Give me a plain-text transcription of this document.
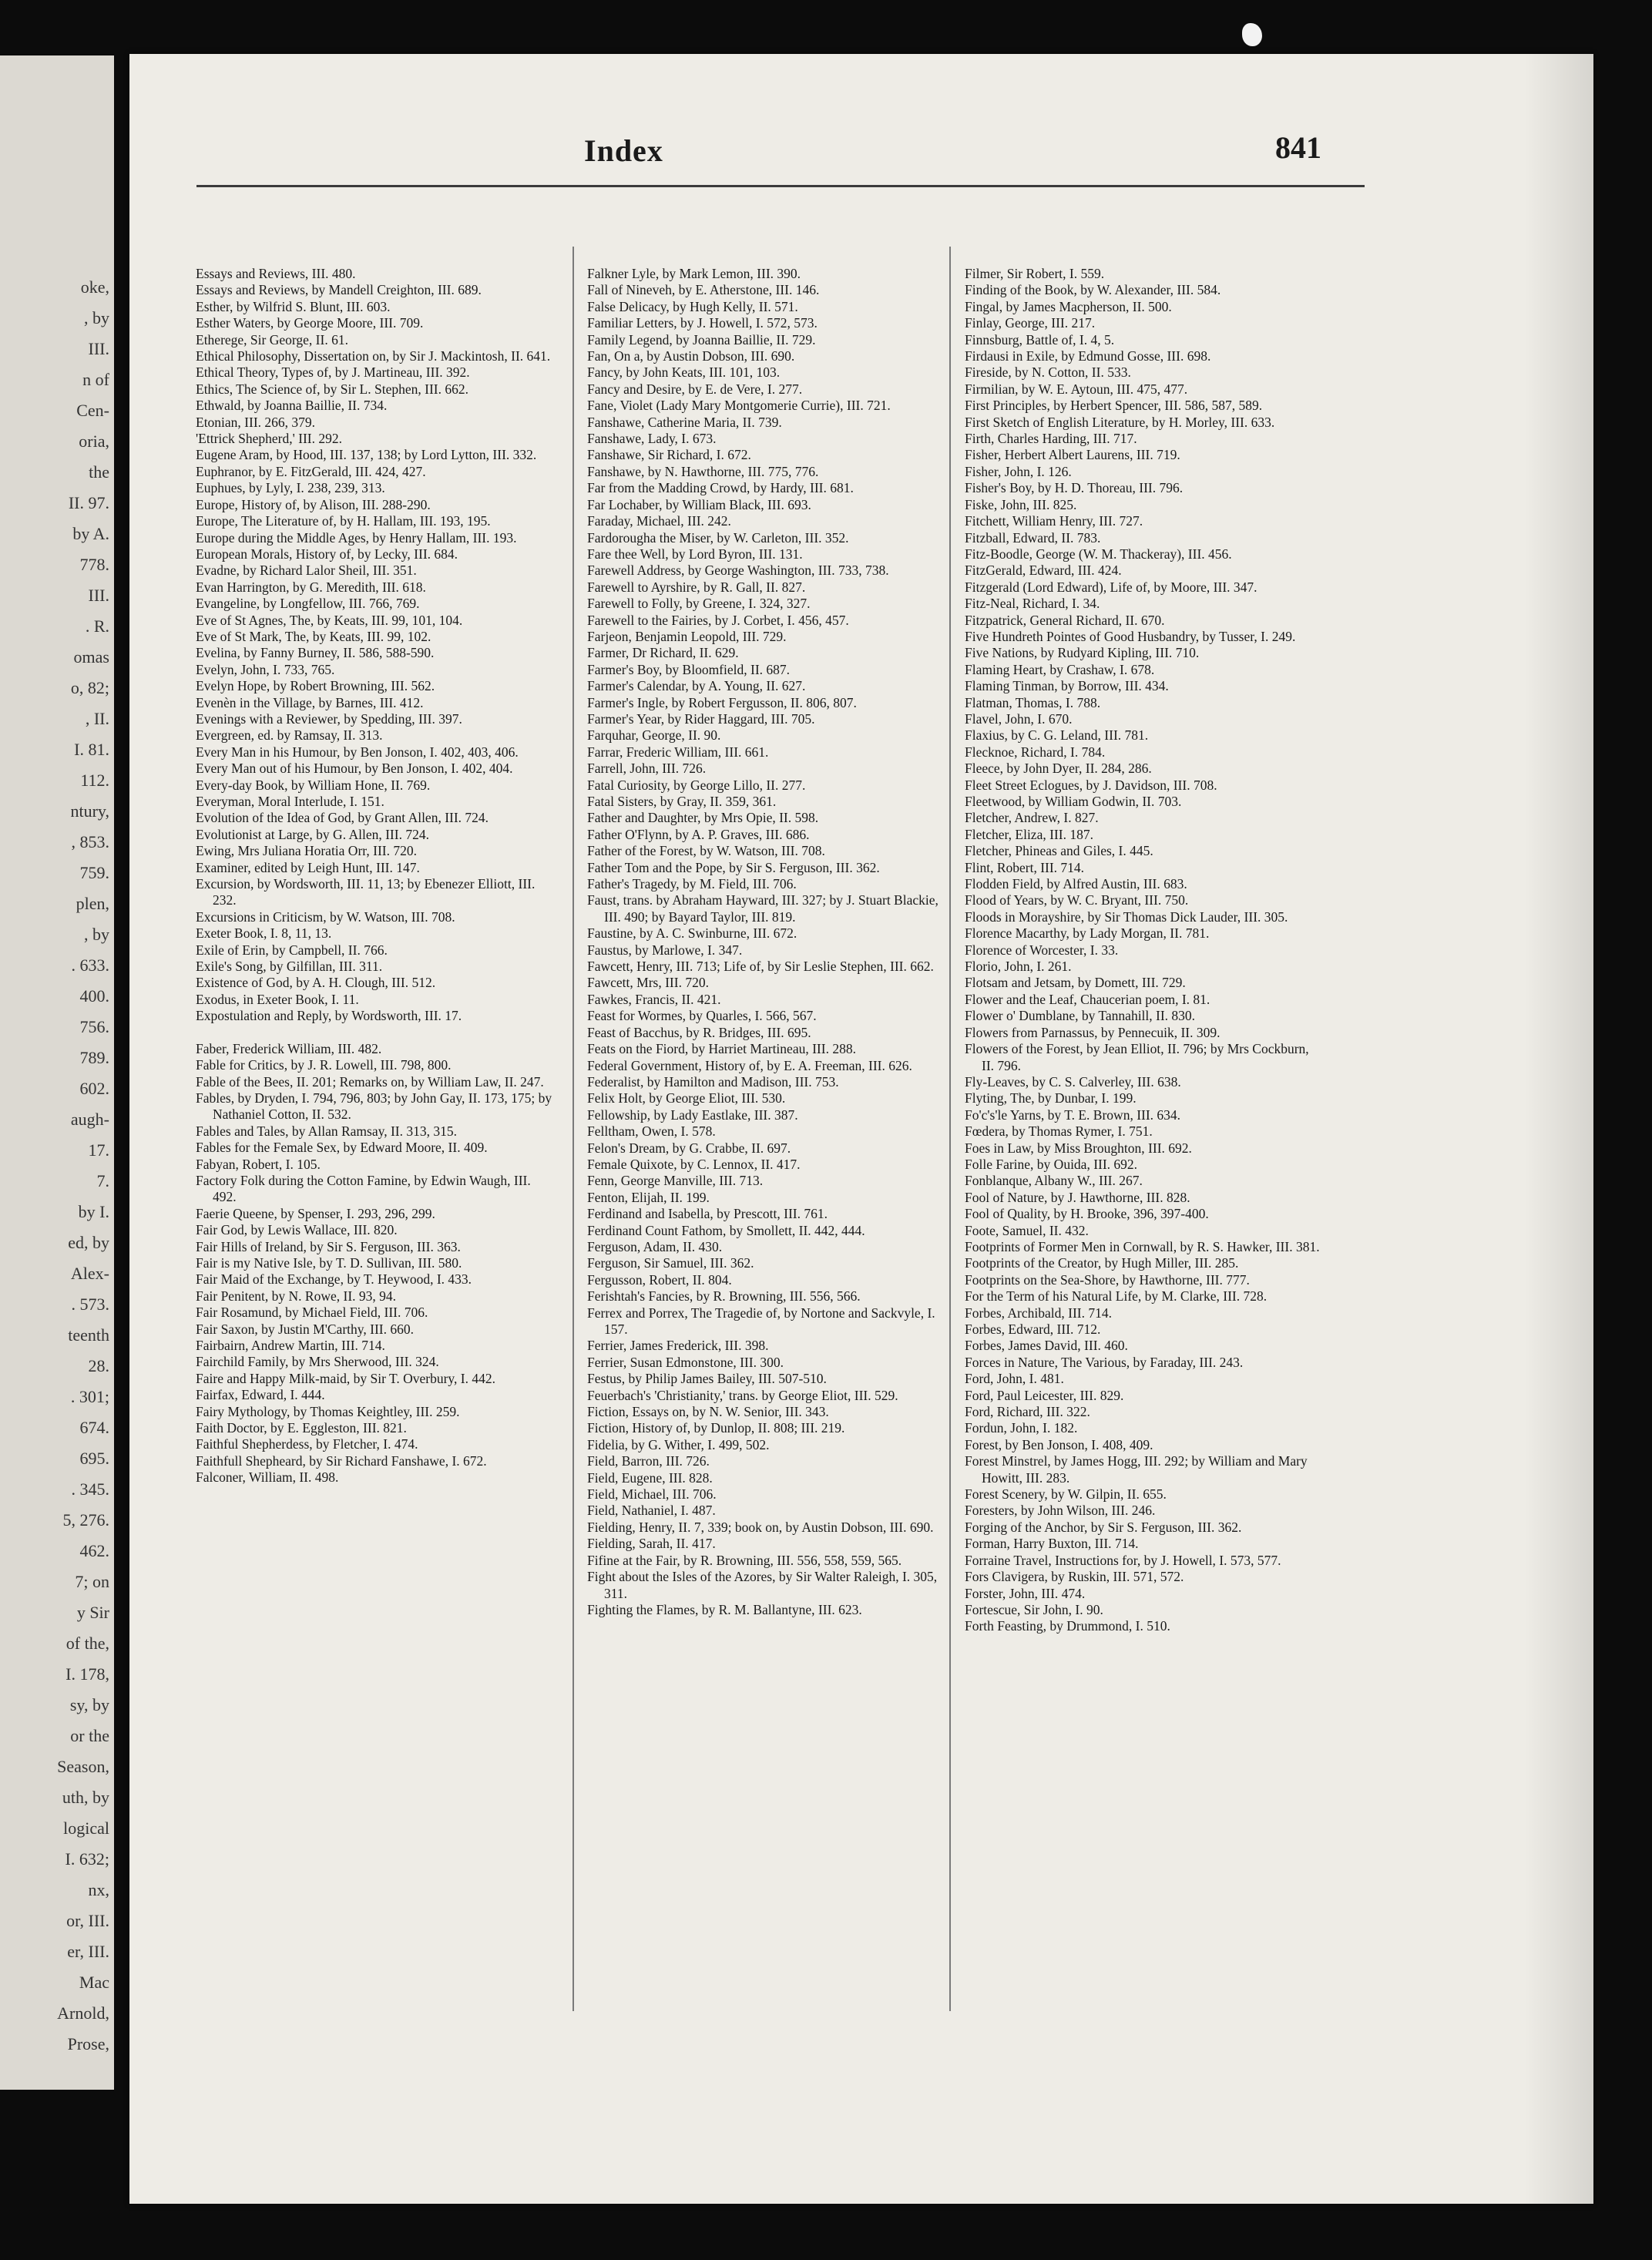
oke,
, by
III.
n of
Cen-
oria,
the
II. 97.
by A.
778.
III.
. R.
omas
o, 82;
, II.
I. 81.
112.
ntury,
, 853.
759.
plen,
, by
. 633.
400.
756.
789.
602.
augh-
17.
7.
by I.
ed, by
Alex-
. 573.
teenth
28.
. 301;
674.
695.
. 345.
5, 276.
462.
7; on
y Sir
of the,
I. 178,
sy, by
or the
Season,
uth, by
logical
I. 632;
nx,
or, III.
er, III.
Mac
Arnold,
Prose,
Index	841
Essays and Reviews, III. 480.
Essays and Reviews, by Mandell Creighton, III. 689.
Esther, by Wilfrid S. Blunt, III. 603.
Esther Waters, by George Moore, III. 709.
Etherege, Sir George, II. 61.
Ethical Philosophy, Dissertation on, by Sir J. Mackintosh, II. 641.
Ethical Theory, Types of, by J. Martineau, III. 392.
Ethics, The Science of, by Sir L. Stephen, III. 662.
Ethwald, by Joanna Baillie, II. 734.
Etonian, III. 266, 379.
'Ettrick Shepherd,' III. 292.
Eugene Aram, by Hood, III. 137, 138; by Lord Lytton, III. 332.
Euphranor, by E. FitzGerald, III. 424, 427.
Euphues, by Lyly, I. 238, 239, 313.
Europe, History of, by Alison, III. 288-290.
Europe, The Literature of, by H. Hallam, III. 193, 195.
Europe during the Middle Ages, by Henry Hallam, III. 193.
European Morals, History of, by Lecky, III. 684.
Evadne, by Richard Lalor Sheil, III. 351.
Evan Harrington, by G. Meredith, III. 618.
Evangeline, by Longfellow, III. 766, 769.
Eve of St Agnes, The, by Keats, III. 99, 101, 104.
Eve of St Mark, The, by Keats, III. 99, 102.
Evelina, by Fanny Burney, II. 586, 588-590.
Evelyn, John, I. 733, 765.
Evelyn Hope, by Robert Browning, III. 562.
Evenèn in the Village, by Barnes, III. 412.
Evenings with a Reviewer, by Spedding, III. 397.
Evergreen, ed. by Ramsay, II. 313.
Every Man in his Humour, by Ben Jonson, I. 402, 403, 406.
Every Man out of his Humour, by Ben Jonson, I. 402, 404.
Every-day Book, by William Hone, II. 769.
Everyman, Moral Interlude, I. 151.
Evolution of the Idea of God, by Grant Allen, III. 724.
Evolutionist at Large, by G. Allen, III. 724.
Ewing, Mrs Juliana Horatia Orr, III. 720.
Examiner, edited by Leigh Hunt, III. 147.
Excursion, by Wordsworth, III. 11, 13; by Ebenezer Elliott, III. 232.
Excursions in Criticism, by W. Watson, III. 708.
Exeter Book, I. 8, 11, 13.
Exile of Erin, by Campbell, II. 766.
Exile's Song, by Gilfillan, III. 311.
Existence of God, by A. H. Clough, III. 512.
Exodus, in Exeter Book, I. 11.
Expostulation and Reply, by Wordsworth, III. 17.
Faber, Frederick William, III. 482.
Fable for Critics, by J. R. Lowell, III. 798, 800.
Fable of the Bees, II. 201; Remarks on, by William Law, II. 247.
Fables, by Dryden, I. 794, 796, 803; by John Gay, II. 173, 175; by Nathaniel Cotton, II. 532.
Fables and Tales, by Allan Ramsay, II. 313, 315.
Fables for the Female Sex, by Edward Moore, II. 409.
Fabyan, Robert, I. 105.
Factory Folk during the Cotton Famine, by Edwin Waugh, III. 492.
Faerie Queene, by Spenser, I. 293, 296, 299.
Fair God, by Lewis Wallace, III. 820.
Fair Hills of Ireland, by Sir S. Ferguson, III. 363.
Fair is my Native Isle, by T. D. Sullivan, III. 580.
Fair Maid of the Exchange, by T. Heywood, I. 433.
Fair Penitent, by N. Rowe, II. 93, 94.
Fair Rosamund, by Michael Field, III. 706.
Fair Saxon, by Justin M'Carthy, III. 660.
Fairbairn, Andrew Martin, III. 714.
Fairchild Family, by Mrs Sherwood, III. 324.
Faire and Happy Milk-maid, by Sir T. Overbury, I. 442.
Fairfax, Edward, I. 444.
Fairy Mythology, by Thomas Keightley, III. 259.
Faith Doctor, by E. Eggleston, III. 821.
Faithful Shepherdess, by Fletcher, I. 474.
Faithfull Shepheard, by Sir Richard Fanshawe, I. 672.
Falconer, William, II. 498.
Falkner Lyle, by Mark Lemon, III. 390.
Fall of Nineveh, by E. Atherstone, III. 146.
False Delicacy, by Hugh Kelly, II. 571.
Familiar Letters, by J. Howell, I. 572, 573.
Family Legend, by Joanna Baillie, II. 729.
Fan, On a, by Austin Dobson, III. 690.
Fancy, by John Keats, III. 101, 103.
Fancy and Desire, by E. de Vere, I. 277.
Fane, Violet (Lady Mary Montgomerie Currie), III. 721.
Fanshawe, Catherine Maria, II. 739.
Fanshawe, Lady, I. 673.
Fanshawe, Sir Richard, I. 672.
Fanshawe, by N. Hawthorne, III. 775, 776.
Far from the Madding Crowd, by Hardy, III. 681.
Far Lochaber, by William Black, III. 693.
Faraday, Michael, III. 242.
Fardorougha the Miser, by W. Carleton, III. 352.
Fare thee Well, by Lord Byron, III. 131.
Farewell Address, by George Washington, III. 733, 738.
Farewell to Ayrshire, by R. Gall, II. 827.
Farewell to Folly, by Greene, I. 324, 327.
Farewell to the Fairies, by J. Corbet, I. 456, 457.
Farjeon, Benjamin Leopold, III. 729.
Farmer, Dr Richard, II. 629.
Farmer's Boy, by Bloomfield, II. 687.
Farmer's Calendar, by A. Young, II. 627.
Farmer's Ingle, by Robert Fergusson, II. 806, 807.
Farmer's Year, by Rider Haggard, III. 705.
Farquhar, George, II. 90.
Farrar, Frederic William, III. 661.
Farrell, John, III. 726.
Fatal Curiosity, by George Lillo, II. 277.
Fatal Sisters, by Gray, II. 359, 361.
Father and Daughter, by Mrs Opie, II. 598.
Father O'Flynn, by A. P. Graves, III. 686.
Father of the Forest, by W. Watson, III. 708.
Father Tom and the Pope, by Sir S. Ferguson, III. 362.
Father's Tragedy, by M. Field, III. 706.
Faust, trans. by Abraham Hayward, III. 327; by J. Stuart Blackie, III. 490; by Bayard Taylor, III. 819.
Faustine, by A. C. Swinburne, III. 672.
Faustus, by Marlowe, I. 347.
Fawcett, Henry, III. 713; Life of, by Sir Leslie Stephen, III. 662.
Fawcett, Mrs, III. 720.
Fawkes, Francis, II. 421.
Feast for Wormes, by Quarles, I. 566, 567.
Feast of Bacchus, by R. Bridges, III. 695.
Feats on the Fiord, by Harriet Martineau, III. 288.
Federal Government, History of, by E. A. Freeman, III. 626.
Federalist, by Hamilton and Madison, III. 753.
Felix Holt, by George Eliot, III. 530.
Fellowship, by Lady Eastlake, III. 387.
Felltham, Owen, I. 578.
Felon's Dream, by G. Crabbe, II. 697.
Female Quixote, by C. Lennox, II. 417.
Fenn, George Manville, III. 713.
Fenton, Elijah, II. 199.
Ferdinand and Isabella, by Prescott, III. 761.
Ferdinand Count Fathom, by Smollett, II. 442, 444.
Ferguson, Adam, II. 430.
Ferguson, Sir Samuel, III. 362.
Fergusson, Robert, II. 804.
Ferishtah's Fancies, by R. Browning, III. 556, 566.
Ferrex and Porrex, The Tragedie of, by Nortone and Sackvyle, I. 157.
Ferrier, James Frederick, III. 398.
Ferrier, Susan Edmonstone, III. 300.
Festus, by Philip James Bailey, III. 507-510.
Feuerbach's 'Christianity,' trans. by George Eliot, III. 529.
Fiction, Essays on, by N. W. Senior, III. 343.
Fiction, History of, by Dunlop, II. 808; III. 219.
Fidelia, by G. Wither, I. 499, 502.
Field, Barron, III. 726.
Field, Eugene, III. 828.
Field, Michael, III. 706.
Field, Nathaniel, I. 487.
Fielding, Henry, II. 7, 339; book on, by Austin Dobson, III. 690.
Fielding, Sarah, II. 417.
Fifine at the Fair, by R. Browning, III. 556, 558, 559, 565.
Fight about the Isles of the Azores, by Sir Walter Raleigh, I. 305, 311.
Fighting the Flames, by R. M. Ballantyne, III. 623.
Filmer, Sir Robert, I. 559.
Finding of the Book, by W. Alexander, III. 584.
Fingal, by James Macpherson, II. 500.
Finlay, George, III. 217.
Finnsburg, Battle of, I. 4, 5.
Firdausi in Exile, by Edmund Gosse, III. 698.
Fireside, by N. Cotton, II. 533.
Firmilian, by W. E. Aytoun, III. 475, 477.
First Principles, by Herbert Spencer, III. 586, 587, 589.
First Sketch of English Literature, by H. Morley, III. 633.
Firth, Charles Harding, III. 717.
Fisher, Herbert Albert Laurens, III. 719.
Fisher, John, I. 126.
Fisher's Boy, by H. D. Thoreau, III. 796.
Fiske, John, III. 825.
Fitchett, William Henry, III. 727.
Fitzball, Edward, II. 783.
Fitz-Boodle, George (W. M. Thackeray), III. 456.
FitzGerald, Edward, III. 424.
Fitzgerald (Lord Edward), Life of, by Moore, III. 347.
Fitz-Neal, Richard, I. 34.
Fitzpatrick, General Richard, II. 670.
Five Hundreth Pointes of Good Husbandry, by Tusser, I. 249.
Five Nations, by Rudyard Kipling, III. 710.
Flaming Heart, by Crashaw, I. 678.
Flaming Tinman, by Borrow, III. 434.
Flatman, Thomas, I. 788.
Flavel, John, I. 670.
Flaxius, by C. G. Leland, III. 781.
Flecknoe, Richard, I. 784.
Fleece, by John Dyer, II. 284, 286.
Fleet Street Eclogues, by J. Davidson, III. 708.
Fleetwood, by William Godwin, II. 703.
Fletcher, Andrew, I. 827.
Fletcher, Eliza, III. 187.
Fletcher, Phineas and Giles, I. 445.
Flint, Robert, III. 714.
Flodden Field, by Alfred Austin, III. 683.
Flood of Years, by W. C. Bryant, III. 750.
Floods in Morayshire, by Sir Thomas Dick Lauder, III. 305.
Florence Macarthy, by Lady Morgan, II. 781.
Florence of Worcester, I. 33.
Florio, John, I. 261.
Flotsam and Jetsam, by Domett, III. 729.
Flower and the Leaf, Chaucerian poem, I. 81.
Flower o' Dumblane, by Tannahill, II. 830.
Flowers from Parnassus, by Pennecuik, II. 309.
Flowers of the Forest, by Jean Elliot, II. 796; by Mrs Cockburn, II. 796.
Fly-Leaves, by C. S. Calverley, III. 638.
Flyting, The, by Dunbar, I. 199.
Fo'c's'le Yarns, by T. E. Brown, III. 634.
Fœdera, by Thomas Rymer, I. 751.
Foes in Law, by Miss Broughton, III. 692.
Folle Farine, by Ouida, III. 692.
Fonblanque, Albany W., III. 267.
Fool of Nature, by J. Hawthorne, III. 828.
Fool of Quality, by H. Brooke, 396, 397-400.
Foote, Samuel, II. 432.
Footprints of Former Men in Cornwall, by R. S. Hawker, III. 381.
Footprints of the Creator, by Hugh Miller, III. 285.
Footprints on the Sea-Shore, by Hawthorne, III. 777.
For the Term of his Natural Life, by M. Clarke, III. 728.
Forbes, Archibald, III. 714.
Forbes, Edward, III. 712.
Forbes, James David, III. 460.
Forces in Nature, The Various, by Faraday, III. 243.
Ford, John, I. 481.
Ford, Paul Leicester, III. 829.
Ford, Richard, III. 322.
Fordun, John, I. 182.
Forest, by Ben Jonson, I. 408, 409.
Forest Minstrel, by James Hogg, III. 292; by William and Mary Howitt, III. 283.
Forest Scenery, by W. Gilpin, II. 655.
Foresters, by John Wilson, III. 246.
Forging of the Anchor, by Sir S. Ferguson, III. 362.
Forman, Harry Buxton, III. 714.
Forraine Travel, Instructions for, by J. Howell, I. 573, 577.
Fors Clavigera, by Ruskin, III. 571, 572.
Forster, John, III. 474.
Fortescue, Sir John, I. 90.
Forth Feasting, by Drummond, I. 510.
